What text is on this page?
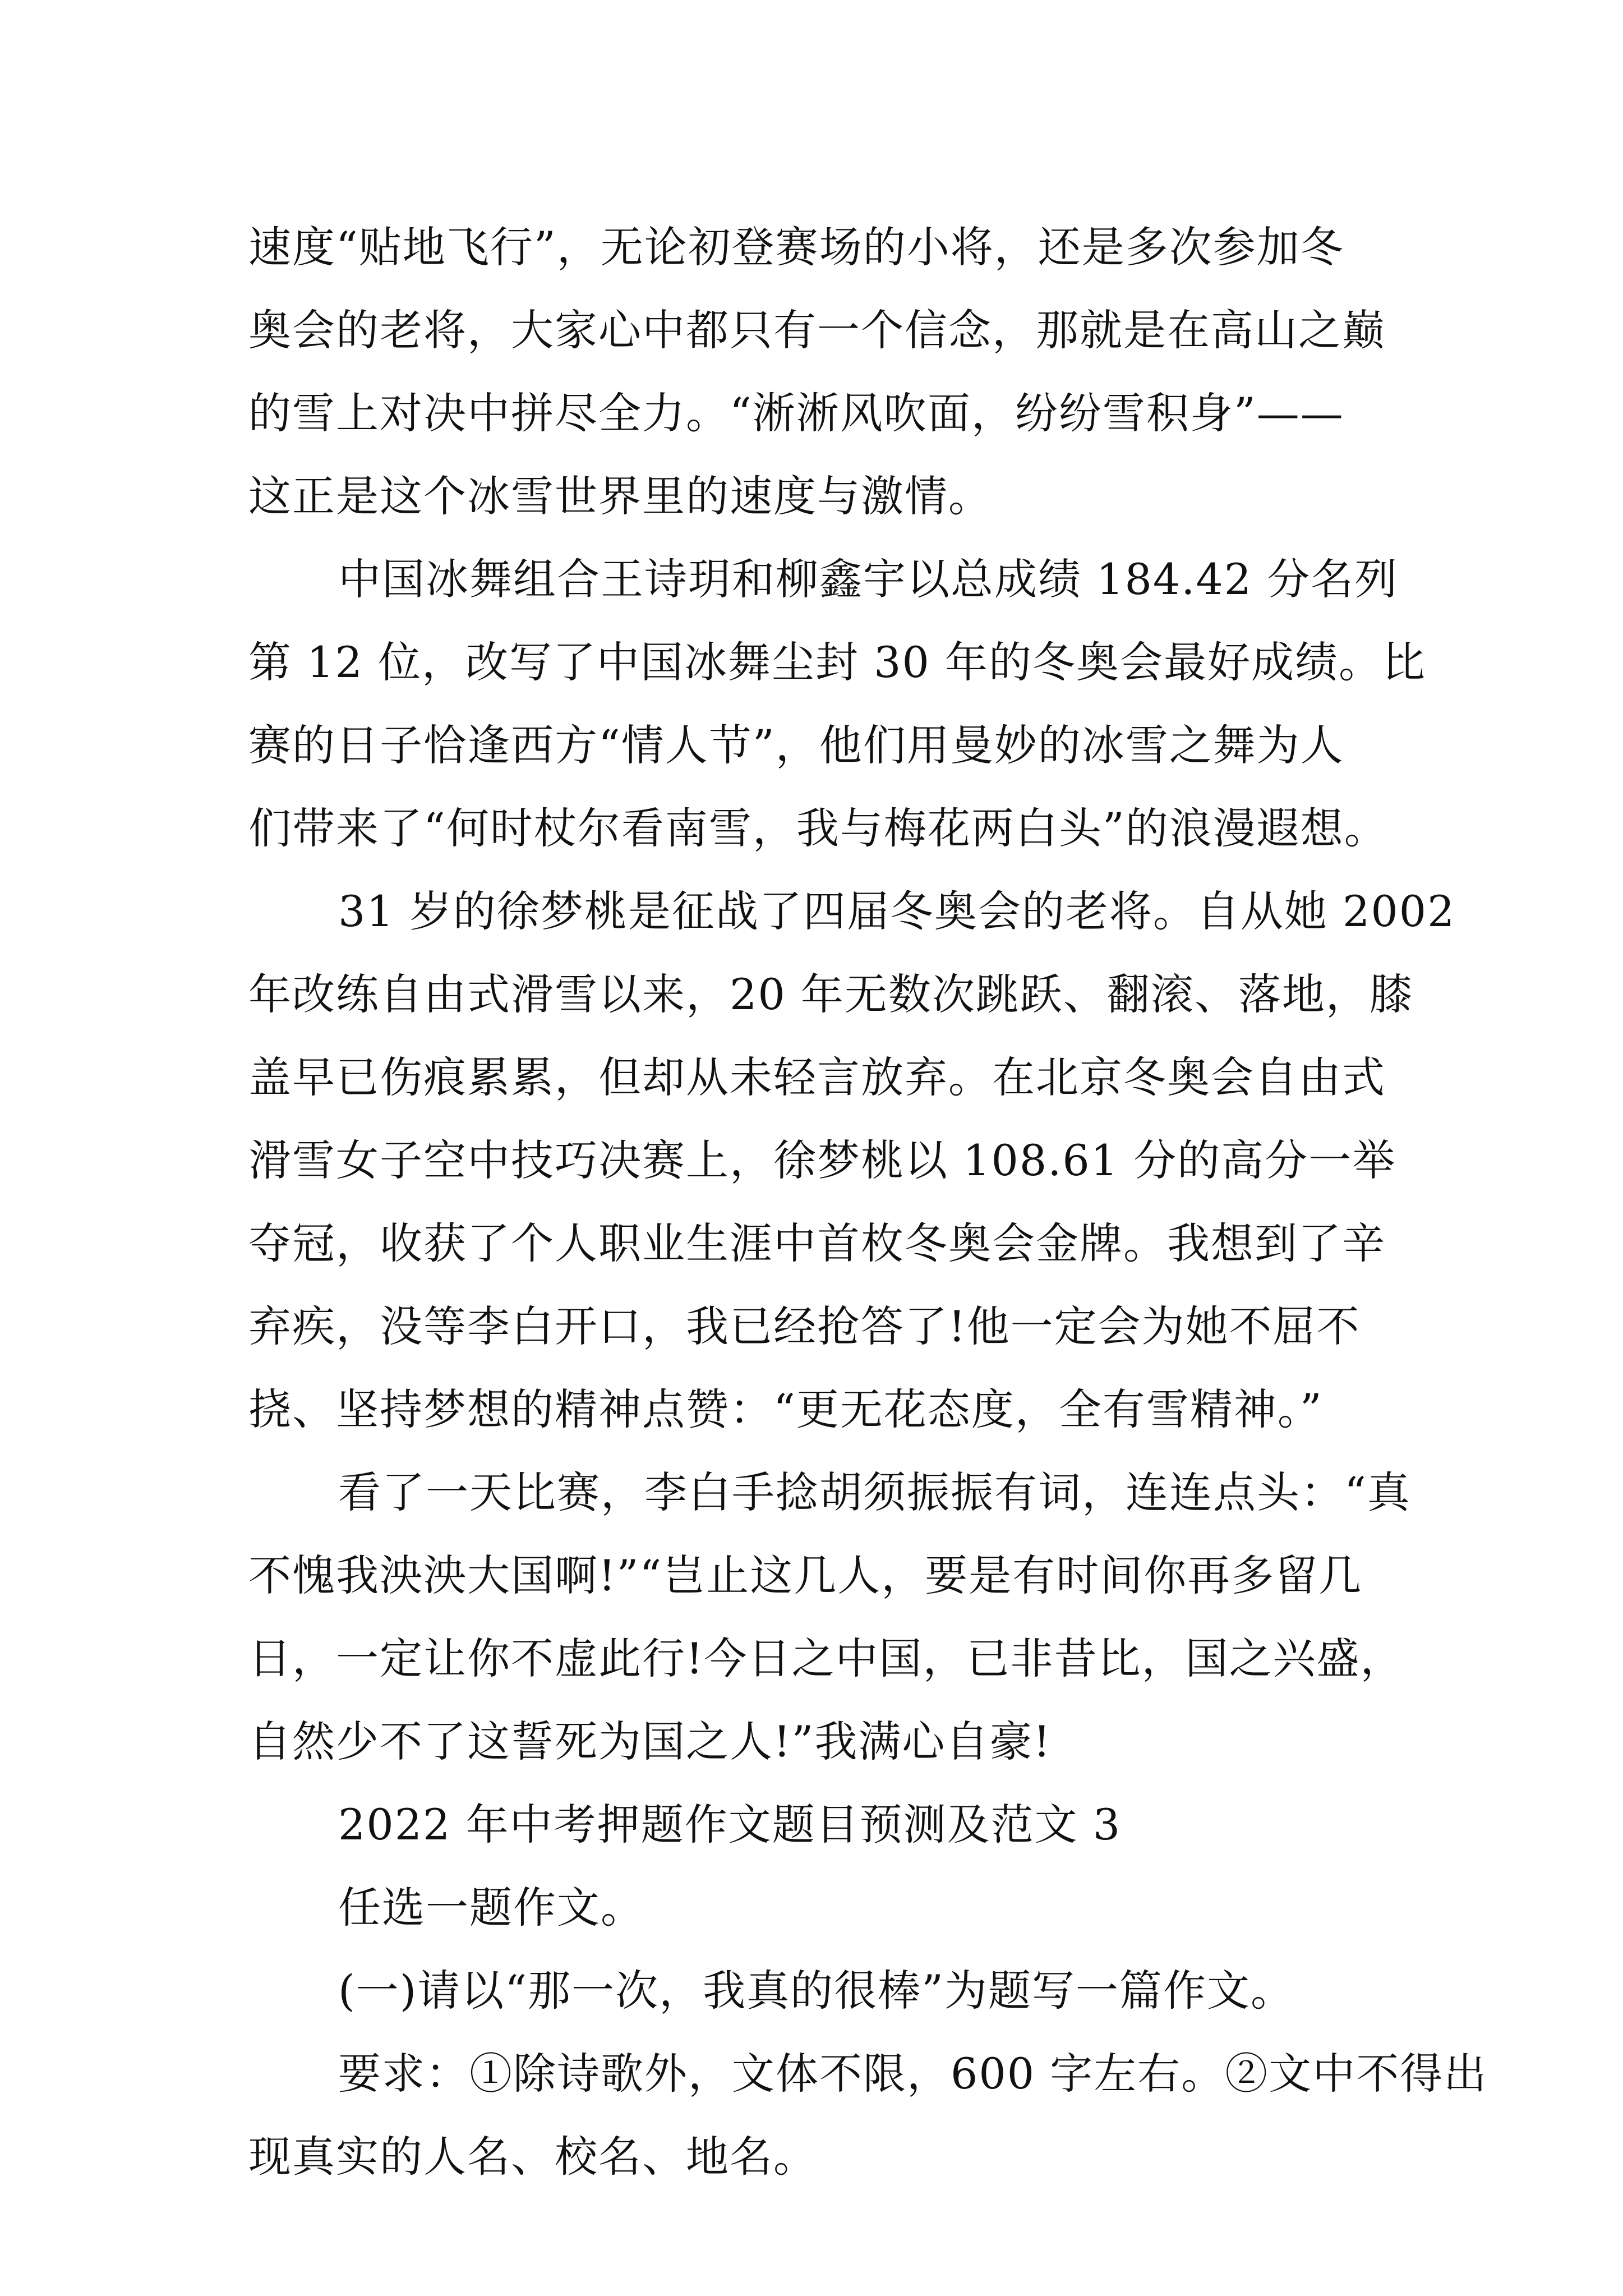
速度“贴地飞行”，无论初登赛场的小将，还是多次参加冬
奥会的老将，大家心中都只有一个信念，那就是在高山之巅
的雪上对决中拼尽全力。“淅淅风吹面，纷纷雪积身”——
这正是这个冰雪世界里的速度与激情。
中国冰舞组合王诗玥和柳鑫宇以总成绩 184.42 分名列
第 12 位，改写了中国冰舞尘封 30 年的冬奥会最好成绩。比
赛的日子恰逢西方“情人节”，他们用曼妙的冰雪之舞为人
们带来了“何时杖尔看南雪，我与梅花两白头”的浪漫遐想。
31 岁的徐梦桃是征战了四届冬奥会的老将。自从她 2002
年改练自由式滑雪以来，20 年无数次跳跃、翻滚、落地，膝
盖早已伤痕累累，但却从未轻言放弃。在北京冬奥会自由式
滑雪女子空中技巧决赛上，徐梦桃以 108.61 分的高分一举
夺冠，收获了个人职业生涯中首枚冬奥会金牌。我想到了辛
弃疾，没等李白开口，我已经抢答了!他一定会为她不屈不
挠、坚持梦想的精神点赞：“更无花态度，全有雪精神。”
看了一天比赛，李白手捻胡须振振有词，连连点头：“真
不愧我泱泱大国啊!”“岂止这几人，要是有时间你再多留几
日，一定让你不虚此行!今日之中国，已非昔比，国之兴盛，
自然少不了这誓死为国之人!”我满心自豪!
2022 年中考押题作文题目预测及范文 3
任选一题作文。
(一)请以“那一次，我真的很棒”为题写一篇作文。
要求：①除诗歌外，文体不限，600 字左右。②文中不得出
现真实的人名、校名、地名。
